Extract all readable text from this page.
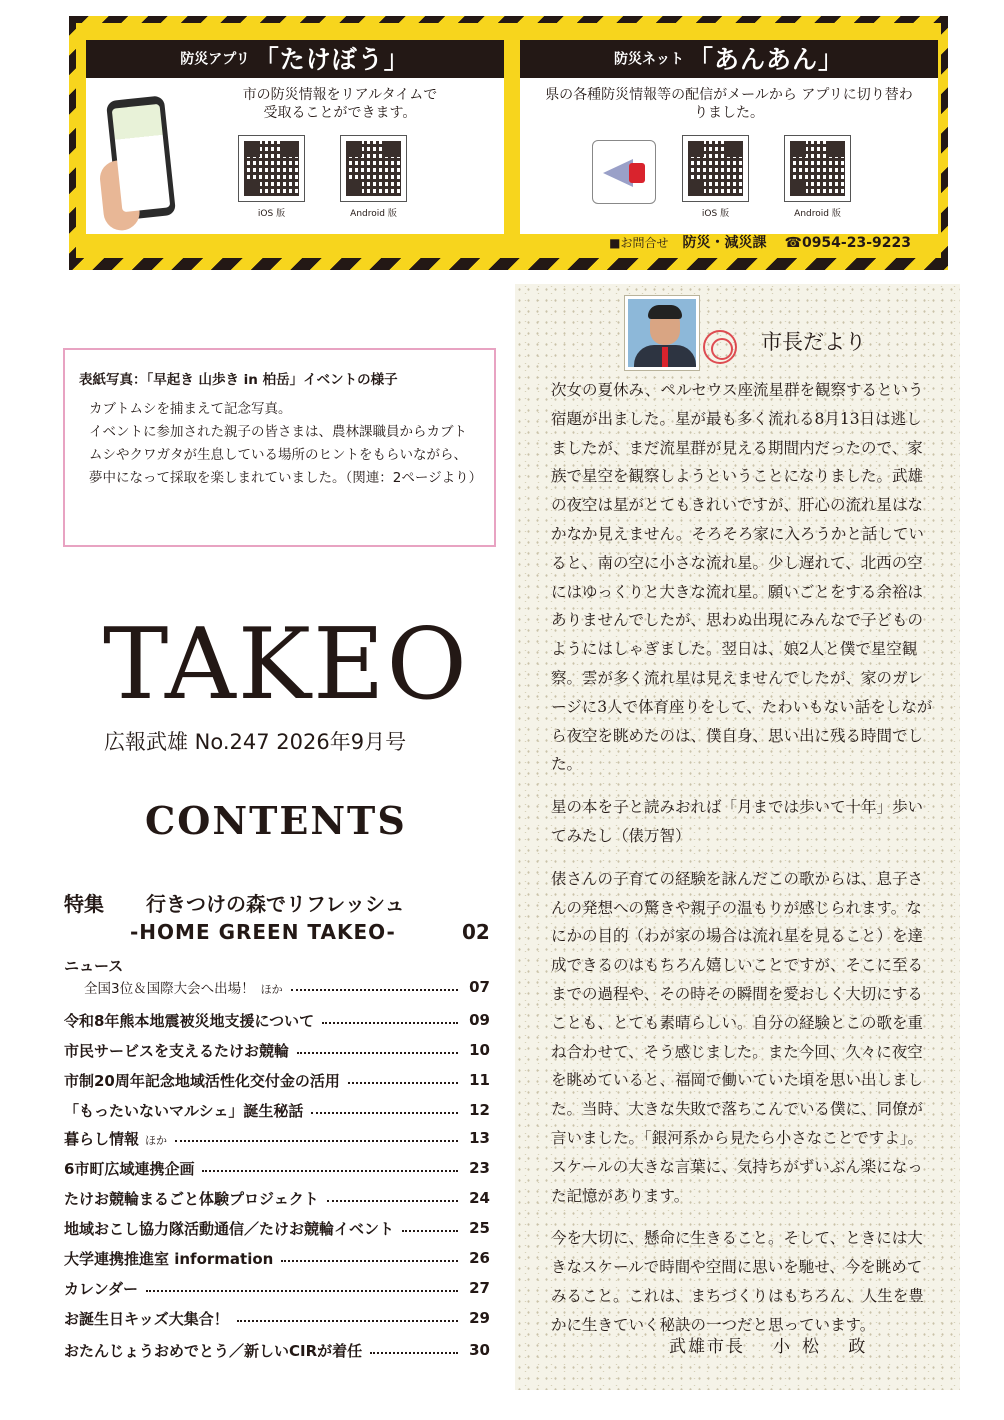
防災アプリ 「たけぼう」
市の防災情報をリアルタイムで
受取ることができます。
iOS 版	Android 版
防災ネット 「あんあん」
県の各種防災情報等の配信がメールから アプリに切り替わりました。
iOS 版	Android 版
■お問合せ 防災・減災課 ☎0954-23-9223
表紙写真：「早起き 山歩き in 柏岳」イベントの様子
カブトムシを捕まえて記念写真。
イベントに参加された親子の皆さまは、農林課職員からカブトムシやクワガタが生息している場所のヒントをもらいながら、夢中になって採取を楽しまれていました。（関連：2ページより）
TAKEO
広報武雄 No.247 2026年9月号
CONTENTS
特集 行きつけの森でリフレッシュ
-HOME GREEN TAKEO-	02
ニュース
全国3位＆国際大会へ出場！ ほか	07
令和8年熊本地震被災地支援について	09
市民サービスを支えるたけお競輪	10
市制20周年記念地域活性化交付金の活用	11
「もったいないマルシェ」誕生秘話	12
暮らし情報 ほか	13
6市町広域連携企画	23
たけお競輪まるごと体験プロジェクト	24
地域おこし協力隊活動通信／たけお競輪イベント	25
大学連携推進室 information	26
カレンダー	27
お誕生日キッズ大集合！	29
おたんじょうおめでとう／新しいCIRが着任	30
市長だより

次女の夏休み、ペルセウス座流星群を観察するという宿題が出ました。星が最も多く流れる8月13日は逃しましたが、まだ流星群が見える期間内だったので、家族で星空を観察しようということになりました。武雄の夜空は星がとてもきれいですが、肝心の流れ星はなかなか見えません。そろそろ家に入ろうかと話していると、南の空に小さな流れ星。少し遅れて、北西の空にはゆっくりと大きな流れ星。願いごとをする余裕はありませんでしたが、思わぬ出現にみんなで子どものようにはしゃぎました。翌日は、娘2人と僕で星空観察。雲が多く流れ星は見えませんでしたが、家のガレージに3人で体育座りをして、たわいもない話をしながら夜空を眺めたのは、僕自身、思い出に残る時間でした。

星の本を子と読みおれば「月までは歩いて十年」歩いてみたし（俵万智）

俵さんの子育ての経験を詠んだこの歌からは、息子さんの発想への驚きや親子の温もりが感じられます。なにかの目的（わが家の場合は流れ星を見ること）を達成できるのはもちろん嬉しいことですが、そこに至るまでの過程や、その時その瞬間を愛おしく大切にすることも、とても素晴らしい。自分の経験とこの歌を重ね合わせて、そう感じました。また今回、久々に夜空を眺めていると、福岡で働いていた頃を思い出しました。当時、大きな失敗で落ちこんでいる僕に、同僚が言いました。「銀河系から見たら小さなことですよ」。スケールの大きな言葉に、気持ちがずいぶん楽になった記憶があります。

今を大切に、懸命に生きること。そして、ときには大きなスケールで時間や空間に思いを馳せ、今を眺めてみること。これは、まちづくりはもちろん、人生を豊かに生きていく秘訣の一つだと思っています。

武雄市長 小松 政
